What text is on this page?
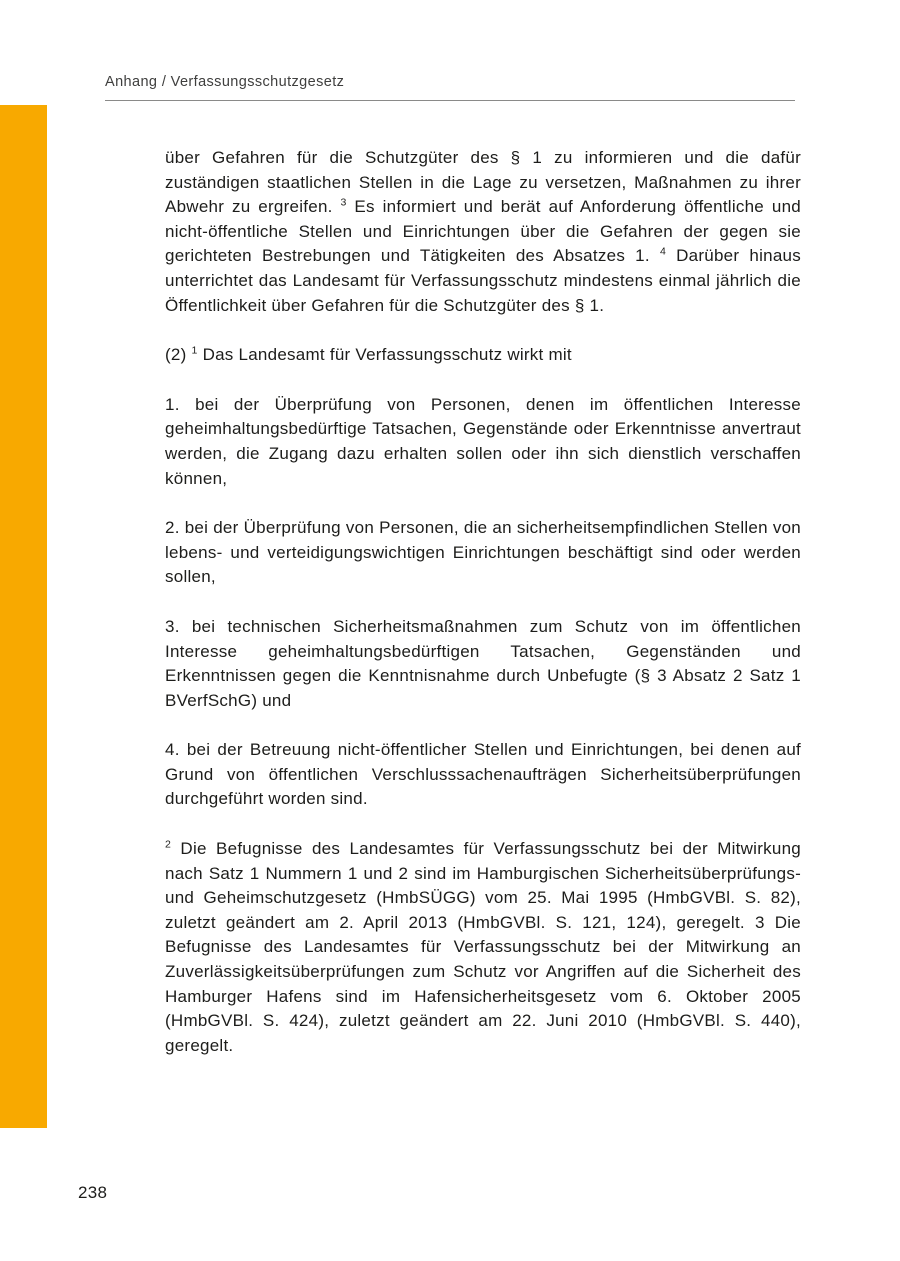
Anhang / Verfassungsschutzgesetz

über Gefahren für die Schutzgüter des § 1 zu informieren und die dafür zuständigen staatlichen Stellen in die Lage zu versetzen, Maßnahmen zu ihrer Abwehr zu ergreifen. $^3$ Es informiert und berät auf Anforderung öffentliche und nicht-öffentliche Stellen und Einrichtungen über die Gefahren der gegen sie gerichteten Bestrebungen und Tätigkeiten des Absatzes 1. $^4$ Darüber hinaus unterrichtet das Landesamt für Verfassungsschutz mindestens einmal jährlich die Öffentlichkeit über Gefahren für die Schutzgüter des § 1.

(2) $^1$ Das Landesamt für Verfassungsschutz wirkt mit

1. bei der Überprüfung von Personen, denen im öffentlichen Interesse geheimhaltungsbedürftige Tatsachen, Gegenstände oder Erkenntnisse anvertraut werden, die Zugang dazu erhalten sollen oder ihn sich dienstlich verschaffen können,

2. bei der Überprüfung von Personen, die an sicherheitsempfindlichen Stellen von lebens- und verteidigungswichtigen Einrichtungen beschäftigt sind oder werden sollen,

3. bei technischen Sicherheitsmaßnahmen zum Schutz von im öffentlichen Interesse geheimhaltungsbedürftigen Tatsachen, Gegenständen und Erkenntnissen gegen die Kenntnisnahme durch Unbefugte (§ 3 Absatz 2 Satz 1 BVerfSchG) und

4. bei der Betreuung nicht-öffentlicher Stellen und Einrichtungen, bei denen auf Grund von öffentlichen Verschlusssachenaufträgen Sicherheitsüberprüfungen durchgeführt worden sind.

$^2$ Die Befugnisse des Landesamtes für Verfassungsschutz bei der Mitwirkung nach Satz 1 Nummern 1 und 2 sind im Hamburgischen Sicherheitsüberprüfungs- und Geheimschutzgesetz (HmbSÜGG) vom 25. Mai 1995 (HmbGVBl. S. 82), zuletzt geändert am 2. April 2013 (HmbGVBl. S. 121, 124), geregelt. 3 Die Befugnisse des Landesamtes für Verfassungsschutz bei der Mitwirkung an Zuverlässigkeitsüberprüfungen zum Schutz vor Angriffen auf die Sicherheit des Hamburger Hafens sind im Hafensicherheitsgesetz vom 6. Oktober 2005 (HmbGVBl. S. 424), zuletzt geändert am 22. Juni 2010 (HmbGVBl. S. 440), geregelt.

238
